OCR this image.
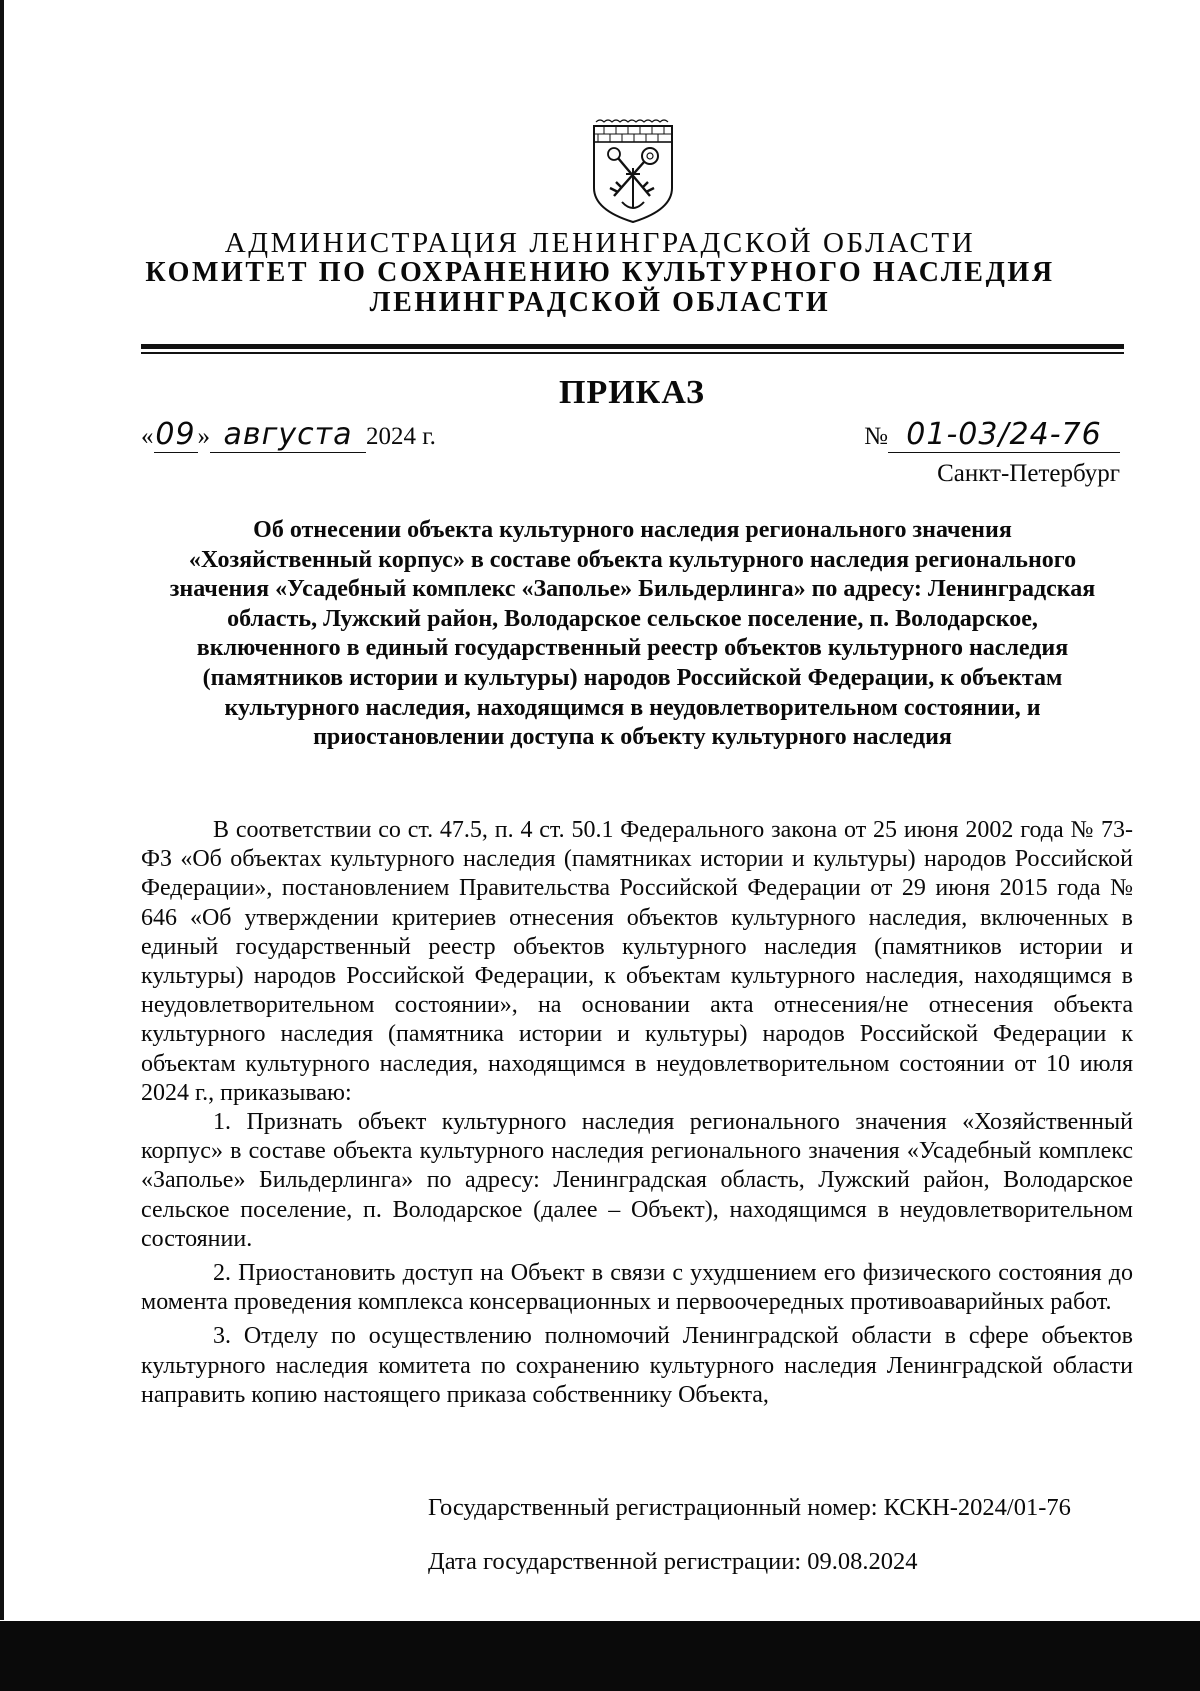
АДМИНИСТРАЦИЯ ЛЕНИНГРАДСКОЙ ОБЛАСТИ
КОМИТЕТ ПО СОХРАНЕНИЮ КУЛЬТУРНОГО НАСЛЕДИЯ
ЛЕНИНГРАДСКОЙ ОБЛАСТИ
ПРИКАЗ
«09» августа 2024 г.	№ 01-03/24-76
Санкт-Петербург
Об отнесении объекта культурного наследия регионального значения «Хозяйственный корпус» в составе объекта культурного наследия регионального значения «Усадебный комплекс «Заполье» Бильдерлинга» по адресу: Ленинградская область, Лужский район, Володарское сельское поселение, п. Володарское, включенного в единый государственный реестр объектов культурного наследия (памятников истории и культуры) народов Российской Федерации, к объектам культурного наследия, находящимся в неудовлетворительном состоянии, и приостановлении доступа к объекту культурного наследия

В соответствии со ст. 47.5, п. 4 ст. 50.1 Федерального закона от 25 июня 2002 года № 73-ФЗ «Об объектах культурного наследия (памятниках истории и культуры) народов Российской Федерации», постановлением Правительства Российской Федерации от 29 июня 2015 года № 646 «Об утверждении критериев отнесения объектов культурного наследия, включенных в единый государственный реестр объектов культурного наследия (памятников истории и культуры) народов Российской Федерации, к объектам культурного наследия, находящимся в неудовлетворительном состоянии», на основании акта отнесения/не отнесения объекта культурного наследия (памятника истории и культуры) народов Российской Федерации к объектам культурного наследия, находящимся в неудовлетворительном состоянии от 10 июля 2024 г., приказываю:

1. Признать объект культурного наследия регионального значения «Хозяйственный корпус» в составе объекта культурного наследия регионального значения «Усадебный комплекс «Заполье» Бильдерлинга» по адресу: Ленинградская область, Лужский район, Володарское сельское поселение, п. Володарское (далее – Объект), находящимся в неудовлетворительном состоянии.

2. Приостановить доступ на Объект в связи с ухудшением его физического состояния до момента проведения комплекса консервационных и первоочередных противоаварийных работ.

3. Отделу по осуществлению полномочий Ленинградской области в сфере объектов культурного наследия комитета по сохранению культурного наследия Ленинградской области направить копию настоящего приказа собственнику Объекта,

Государственный регистрационный номер: КСКН-2024/01-76
Дата государственной регистрации: 09.08.2024
